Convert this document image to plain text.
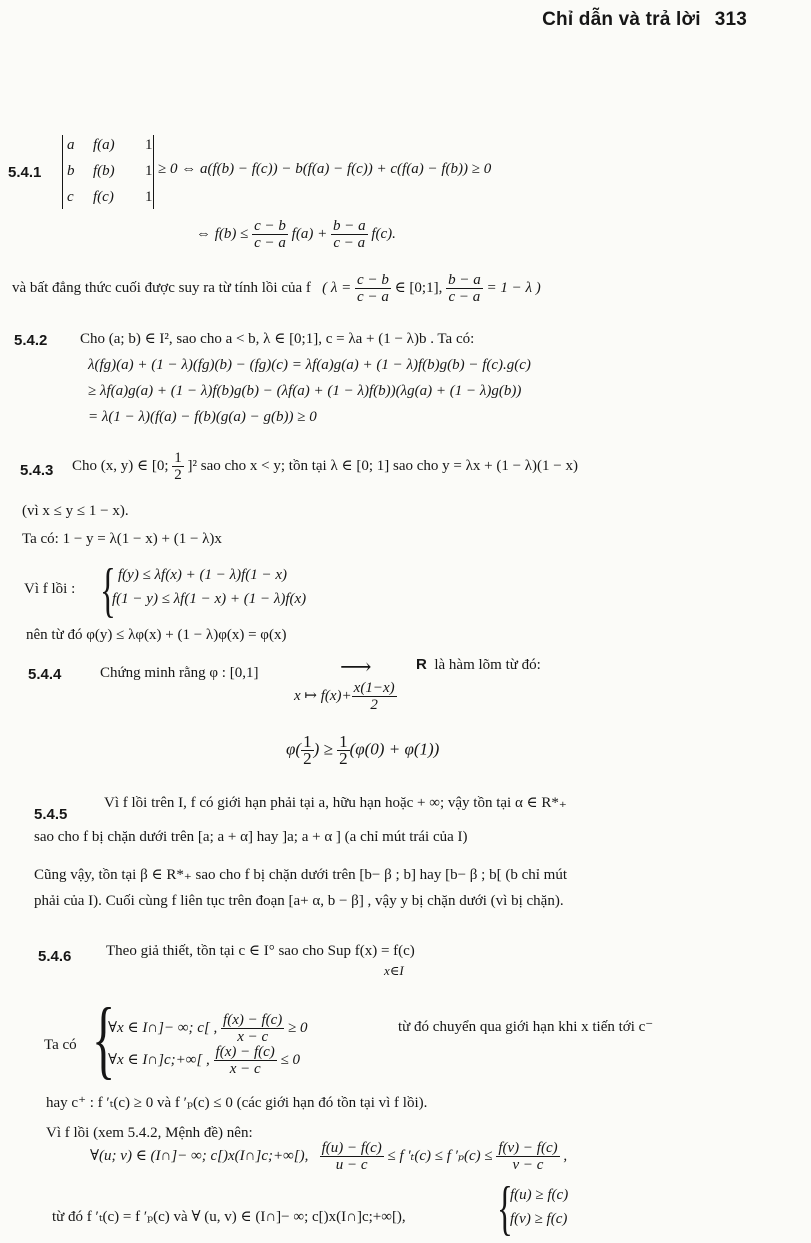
Chỉ dẫn và trả lời 313
5.4.1
a f(a) 1
b f(b) 1
c f(c) 1
≥ 0 ⇔ a(f(b) − f(c)) − b(f(a) − f(c)) + c(f(a) − f(b)) ≥ 0
⇔ $f(b) \le \frac{c - b}{c - a} f(a) + \frac{b - a}{c - a} f(c)$.
và bất đẳng thức cuối được suy ra từ tính lồi của f ( $\lambda = \frac{c - b}{c - a}$ ∈ [0;1], $\frac{b - a}{c - a} = 1 - \lambda$ )
5.4.2 Cho (a; b) ∈ I², sao cho a < b, λ ∈ [0;1], c = λa + (1 − λ)b . Ta có:
λ(fg)(a) + (1 − λ)(fg)(b) − (fg)(c) = λf(a)g(a) + (1 − λ)f(b)g(b) − f(c).g(c)
≥ λf(a)g(a) + (1 − λ)f(b)g(b) − (λf(a) + (1 − λ)f(b))(λg(a) + (1 − λ)g(b))
= λ(1 − λ)(f(a) − f(b)(g(a) − g(b)) ≥ 0
5.4.3 Cho (x, y) ∈ [0; $\frac{1}{2} ]^2$ sao cho x < y; tồn tại λ ∈ [0; 1] sao cho y = λx + (1 − λ)(1 − x)
(vì x ≤ y ≤ 1 − x).
Ta có: 1 − y = λ(1 − x) + (1 − λ)x
Vì f lồi : { f(y) ≤ λf(x) + (1 − λ)f(1 − x)
f(1 − y) ≤ λf(1 − x) + (1 − λ)f(x)
nên từ đó φ(y) ≤ λφ(x) + (1 − λ)φ(x) = φ(x)
5.4.4	Chứng minh rằng φ : [0,1]	⟶	R là hàm lõm từ đó:
x ↦ $f(x)+ \frac{x(1-x)}{2}$
$\varphi( \frac{1}{2}$ ) ≥ $\frac{1}{2} (\varphi(0) + \varphi(1))$
5.4.5
Vì f lồi trên I, f có giới hạn phải tại a, hữu hạn hoặc + ∞; vậy tồn tại α ∈ R*₊
sao cho f bị chặn dưới trên [a; a + α] hay ]a; a + α ] (a chỉ mút trái của I)
Cũng vậy, tồn tại β ∈ R*₊ sao cho f bị chặn dưới trên [b− β ; b] hay [b− β ; b[ (b chỉ mút
phải của I). Cuối cùng f liên tục trên đoạn [a+ α, b − β] , vậy y bị chặn dưới (vì bị chặn).
5.4.6 Theo giả thiết, tồn tại c ∈ I° sao cho Sup f(x) = f(c)
x∈I
Ta có {
∀x ∈ I∩]− ∞; c[ , $\frac{f(x) - f(c)}{x - c} \ge 0$
∀x ∈ I∩]c;+∞[ , $\frac{f(x) - f(c)}{x - c} \le 0$
từ đó chuyển qua giới hạn khi x tiến tới c⁻
hay c⁺ : f ′ₜ(c) ≥ 0 và f ′ₚ(c) ≤ 0 (các giới hạn đó tồn tại vì f lồi).
Vì f lồi (xem 5.4.2, Mệnh đề) nên:
∀(u; v) ∈ (I∩]− ∞; c[)x(I∩]c;+∞[), $\frac{f(u) - f(c)}{u - c} \le f$ ′ₜ(c) ≤ f $'_p(c) \le \frac{f(v) - f(c)}{v - c}$ ,
từ đó f ′ₜ(c) = f ′ₚ(c) và ∀ (u, v) ∈ (I∩]− ∞; c[)x(I∩]c;+∞[), {
f(u) ≥ f(c)
f(v) ≥ f(c)
